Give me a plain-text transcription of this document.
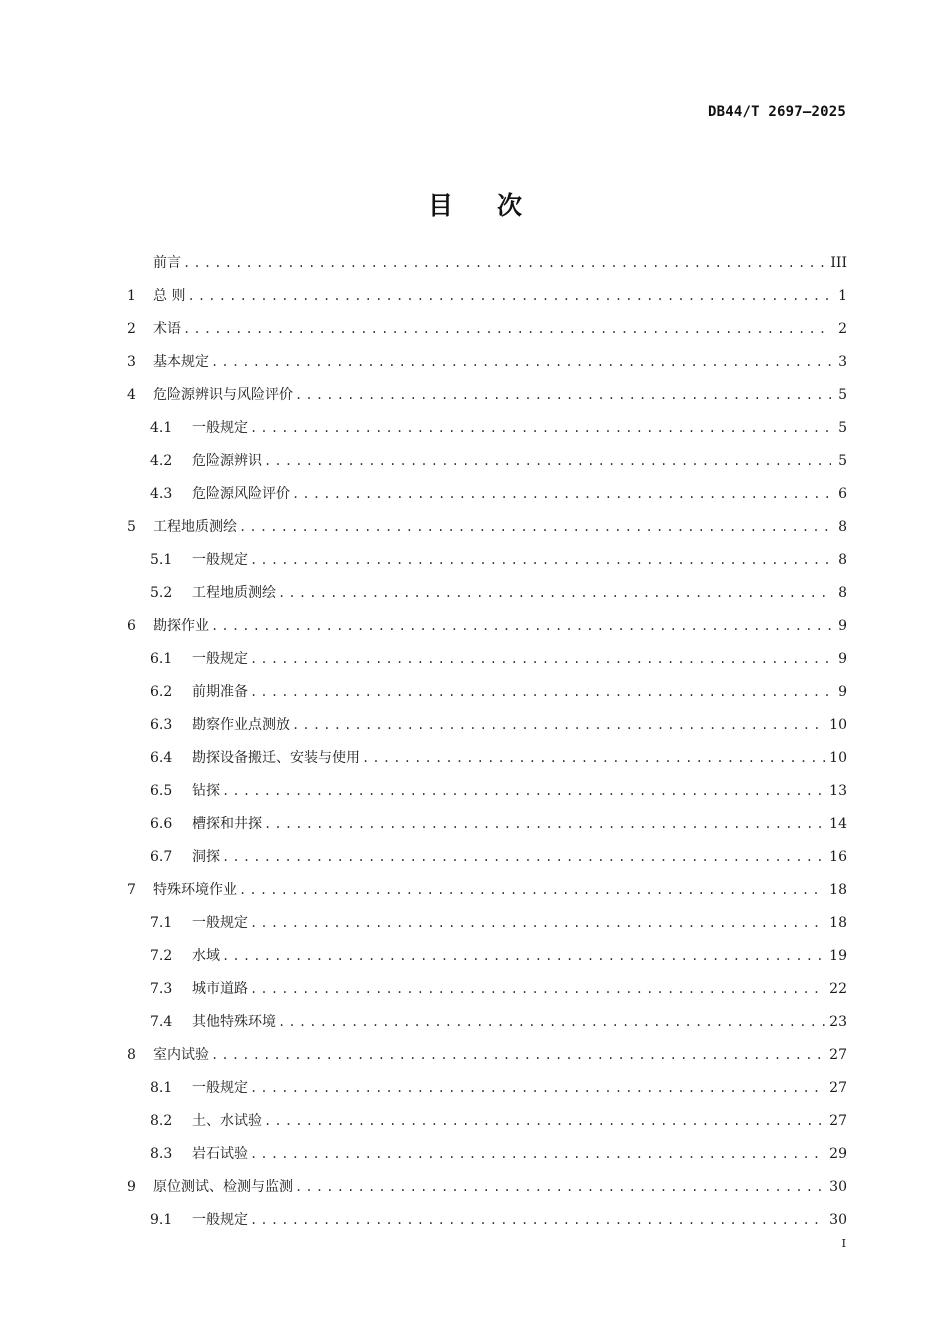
DB44/T 2697—2025
目次
前言 .....	III
1	总 则 .....	1
2	术语 .....	2
3	基本规定 .....	3
4	危险源辨识与风险评价 .....	5
4.1	一般规定 .....	5
4.2	危险源辨识 .....	5
4.3	危险源风险评价 .....	6
5	工程地质测绘 .....	8
5.1	一般规定 .....	8
5.2	工程地质测绘 .....	8
6	勘探作业 .....	9
6.1	一般规定 .....	9
6.2	前期准备 .....	9
6.3	勘察作业点测放 .....	10
6.4	勘探设备搬迁、安装与使用 .....	10
6.5	钻探 .....	13
6.6	槽探和井探 .....	14
6.7	洞探 .....	16
7	特殊环境作业 .....	18
7.1	一般规定 .....	18
7.2	水域 .....	19
7.3	城市道路 .....	22
7.4	其他特殊环境 .....	23
8	室内试验 .....	27
8.1	一般规定 .....	27
8.2	土、水试验 .....	27
8.3	岩石试验 .....	29
9	原位测试、检测与监测 .....	30
9.1	一般规定 .....	30
I
